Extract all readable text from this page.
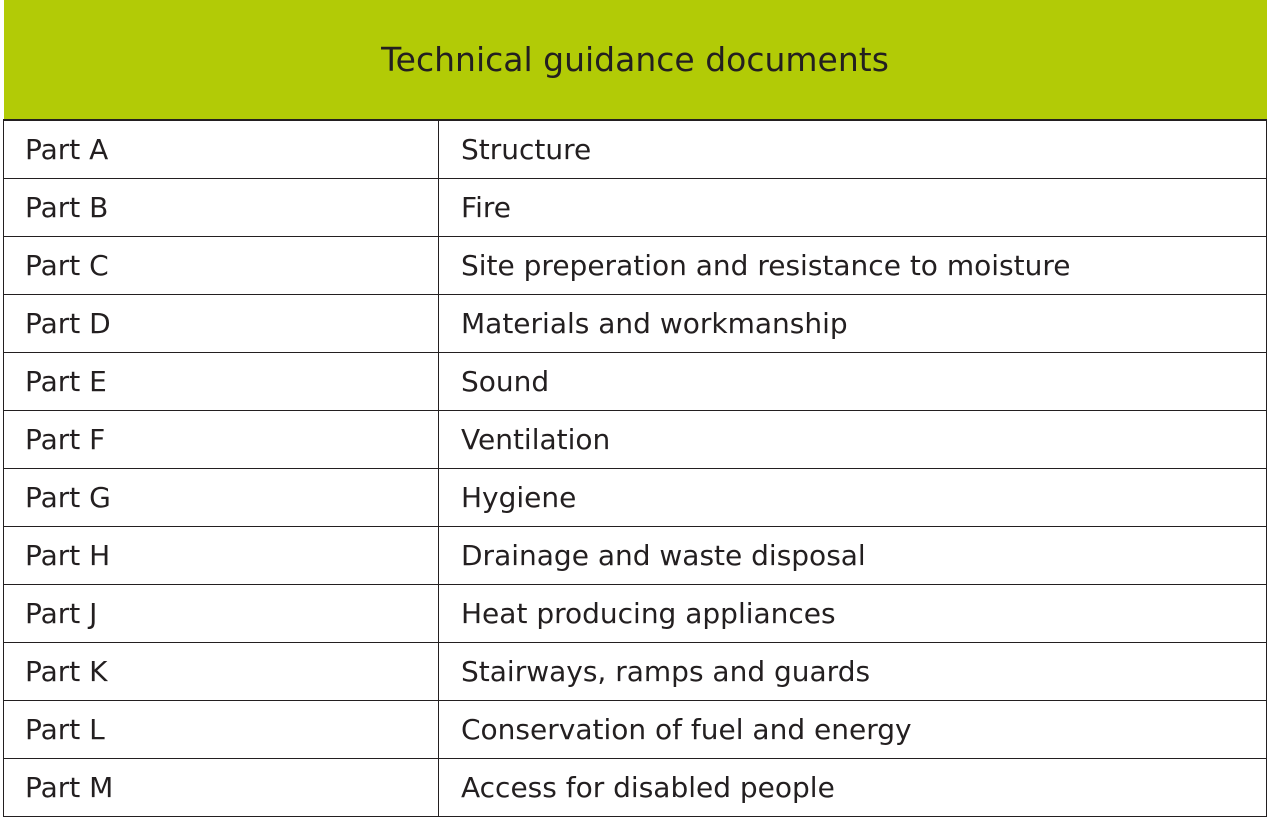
Technical guidance documents	
Part A	Structure
Part B	Fire
Part C	Site preperation and resistance to moisture
Part D	Materials and workmanship
Part E	Sound
Part F	Ventilation
Part G	Hygiene
Part H	Drainage and waste disposal
Part J	Heat producing appliances
Part K	Stairways, ramps and guards
Part L	Conservation of fuel and energy
Part M	Access for disabled people
